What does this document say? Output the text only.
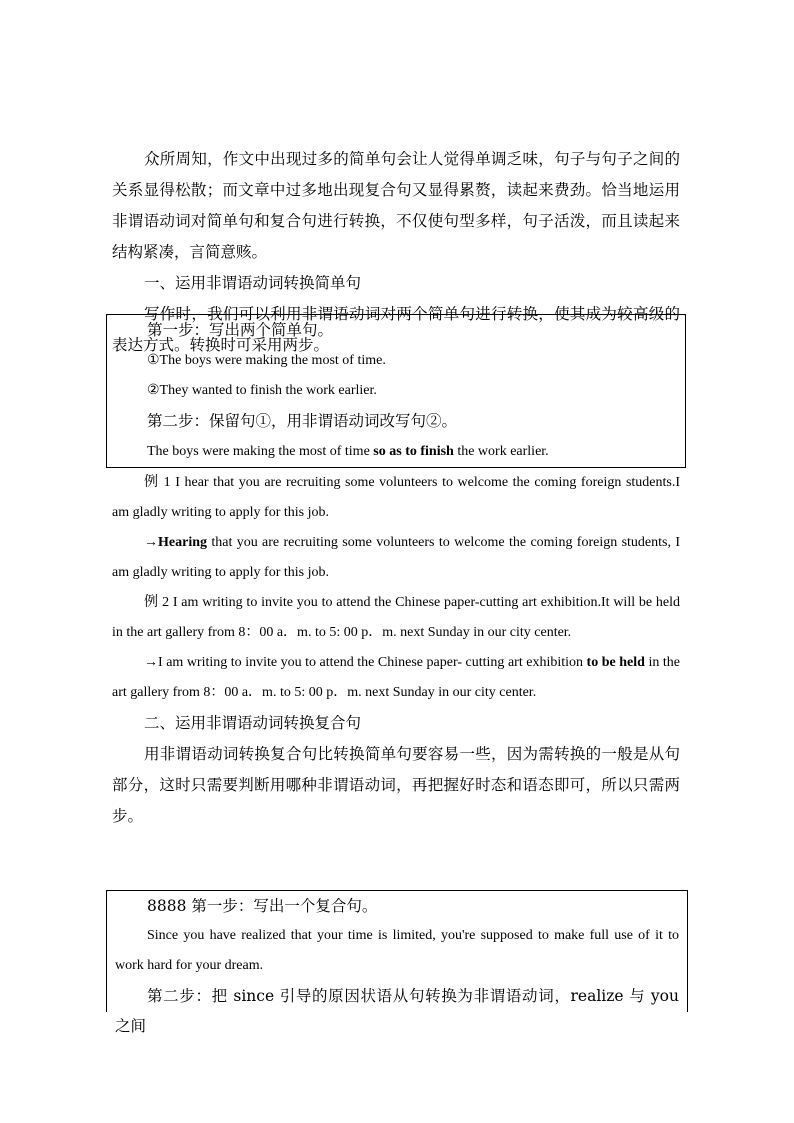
众所周知，作文中出现过多的简单句会让人觉得单调乏味，句子与句子之间的关系显得松散；而文章中过多地出现复合句又显得累赘，读起来费劲。恰当地运用非谓语动词对简单句和复合句进行转换，不仅使句型多样，句子活泼，而且读起来结构紧凑，言简意赅。

一、运用非谓语动词转换简单句

写作时，我们可以利用非谓语动词对两个简单句进行转换，使其成为较高级的表达方式。转换时可采用两步。

第一步：写出两个简单句。

①The boys were making the most of time.

②They wanted to finish the work earlier.

第二步：保留句①，用非谓语动词改写句②。

The boys were making the most of time so as to finish the work earlier.

例 1 I hear that you are recruiting some volunteers to welcome the coming foreign students.I am gladly writing to apply for this job.

→Hearing that you are recruiting some volunteers to welcome the coming foreign students, I am gladly writing to apply for this job.

例 2 I am writing to invite you to attend the Chinese paper-cutting art exhibition.It will be held in the art gallery from 8：00 a．m. to 5: 00 p．m. next Sunday in our city center.

→I am writing to invite you to attend the Chinese paper- cutting art exhibition to be held in the art gallery from 8：00 a．m. to 5: 00 p．m. next Sunday in our city center.

二、运用非谓语动词转换复合句

用非谓语动词转换复合句比转换简单句要容易一些，因为需转换的一般是从句部分，这时只需要判断用哪种非谓语动词，再把握好时态和语态即可，所以只需两步。

8888 第一步：写出一个复合句。

Since you have realized that your time is limited, you're supposed to make full use of it to work hard for your dream.

第二步：把 since 引导的原因状语从句转换为非谓语动词，realize 与 you 之间
